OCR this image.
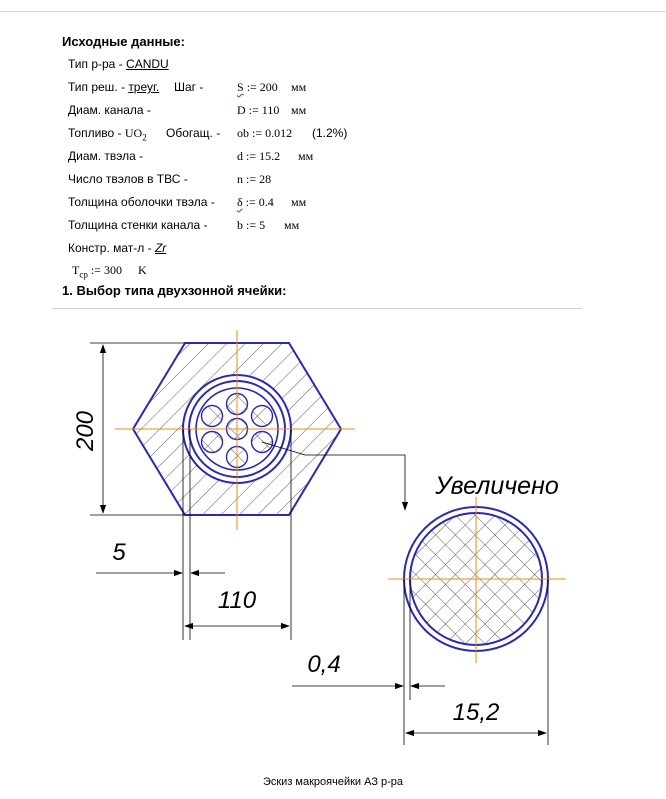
Исходные данные:
Тип р-ра - CANDU
Тип реш. - треуг. Шаг -	S := 200 мм
Диам. канала -	D := 110 мм
Топливо - $UO_2$ Обогащ. - ob := 0.012 (1.2%)
Диам. твэла -	d := 15.2 мм
Число твэлов в ТВС -	n := 28
Толщина оболочки твэла - δ := 0.4 мм
Толщина стенки канала - b := 5 мм
Констр. мат-л - Zr
$T_{cp}$ := 300 K
1. Выбор типа двухзонной ячейки:
200
5
110
Увеличено
0,4
15,2
Эскиз макроячейки АЗ р-ра
